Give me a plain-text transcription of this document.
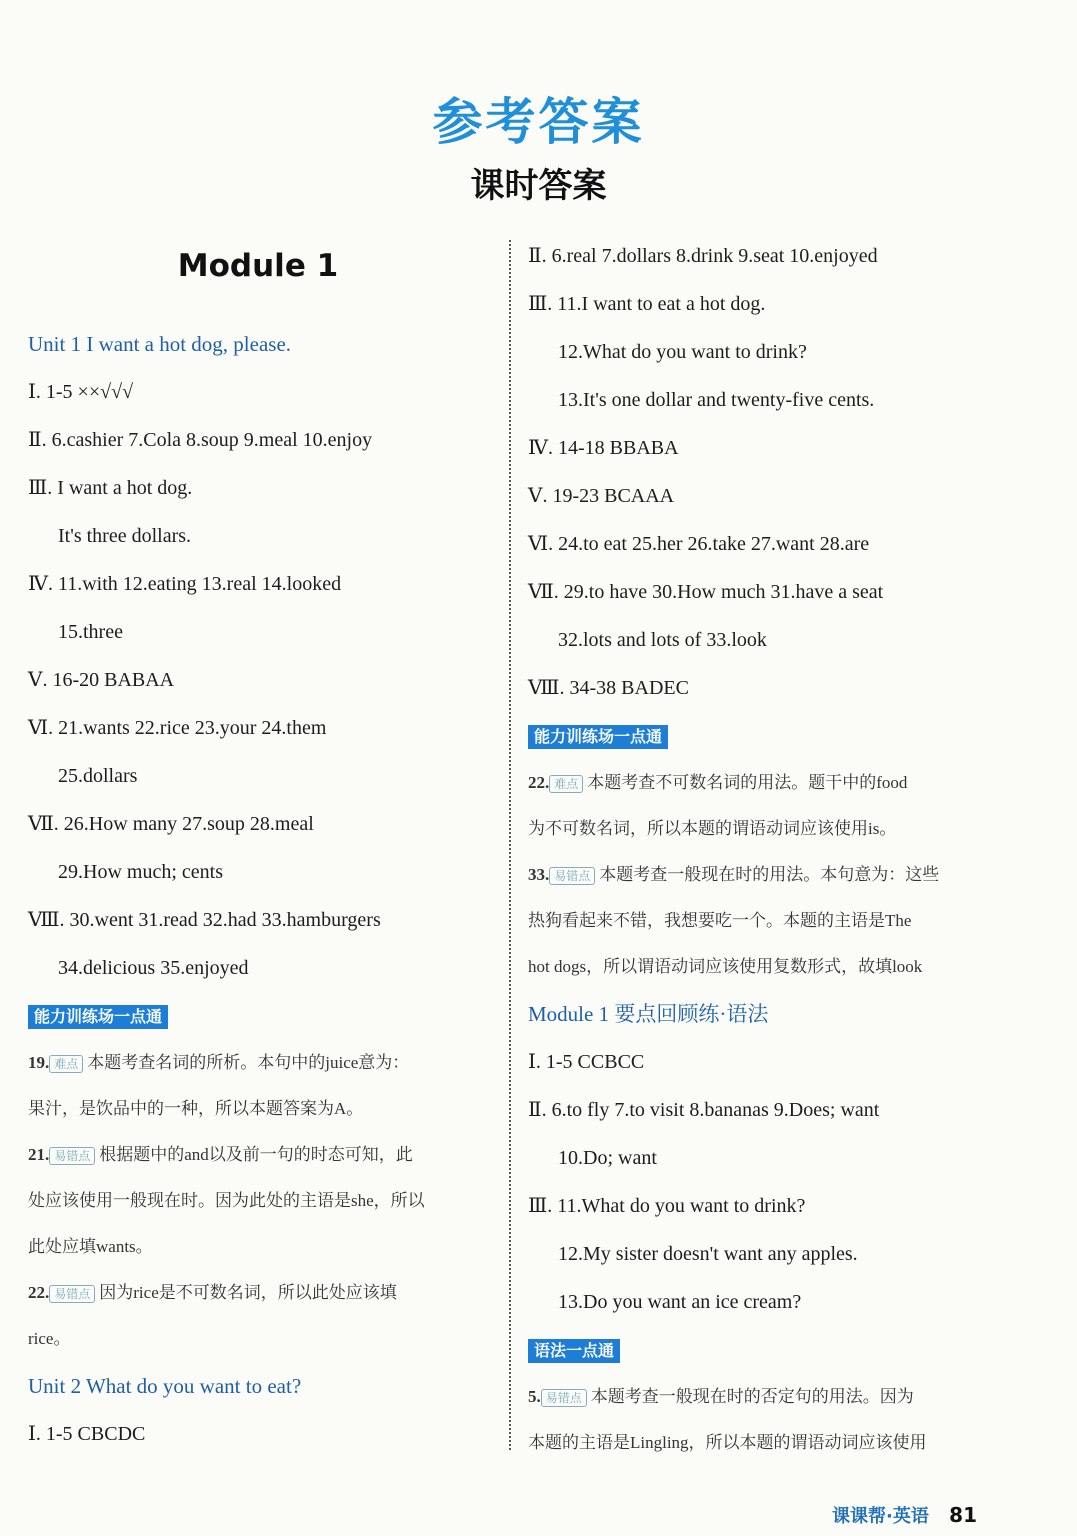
参考答案
课时答案
Module 1
Unit 1 I want a hot dog, please.
Ⅰ. 1-5 ××√√√
Ⅱ. 6.cashier 7.Cola 8.soup 9.meal 10.enjoy
Ⅲ. I want a hot dog.
It's three dollars.
Ⅳ. 11.with 12.eating 13.real 14.looked
15.three
Ⅴ. 16-20 BABAA
Ⅵ. 21.wants 22.rice 23.your 24.them
25.dollars
Ⅶ. 26.How many 27.soup 28.meal
29.How much; cents
Ⅷ. 30.went 31.read 32.had 33.hamburgers
34.delicious 35.enjoyed
能力训练场一点通
19. 难点 本题考查名词的所析。本句中的juice意为：
果汁，是饮品中的一种，所以本题答案为A。
21. 易错点 根据题中的and以及前一句的时态可知，此
处应该使用一般现在时。因为此处的主语是she，所以
此处应填wants。
22. 易错点 因为rice是不可数名词，所以此处应该填
rice。
Unit 2 What do you want to eat?
Ⅰ. 1-5 CBCDC
Ⅱ. 6.real 7.dollars 8.drink 9.seat 10.enjoyed
Ⅲ. 11.I want to eat a hot dog.
12.What do you want to drink?
13.It's one dollar and twenty-five cents.
Ⅳ. 14-18 BBABA
Ⅴ. 19-23 BCAAA
Ⅵ. 24.to eat 25.her 26.take 27.want 28.are
Ⅶ. 29.to have 30.How much 31.have a seat
32.lots and lots of 33.look
Ⅷ. 34-38 BADEC
能力训练场一点通
22. 难点 本题考查不可数名词的用法。题干中的food
为不可数名词，所以本题的谓语动词应该使用is。
33. 易错点 本题考查一般现在时的用法。本句意为：这些
热狗看起来不错，我想要吃一个。本题的主语是The
hot dogs，所以谓语动词应该使用复数形式，故填look
Module 1 要点回顾练·语法
Ⅰ. 1-5 CCBCC
Ⅱ. 6.to fly 7.to visit 8.bananas 9.Does; want
10.Do; want
Ⅲ. 11.What do you want to drink?
12.My sister doesn't want any apples.
13.Do you want an ice cream?
语法一点通
5. 易错点 本题考查一般现在时的否定句的用法。因为
本题的主语是Lingling，所以本题的谓语动词应该使用
课课帮·英语 81
